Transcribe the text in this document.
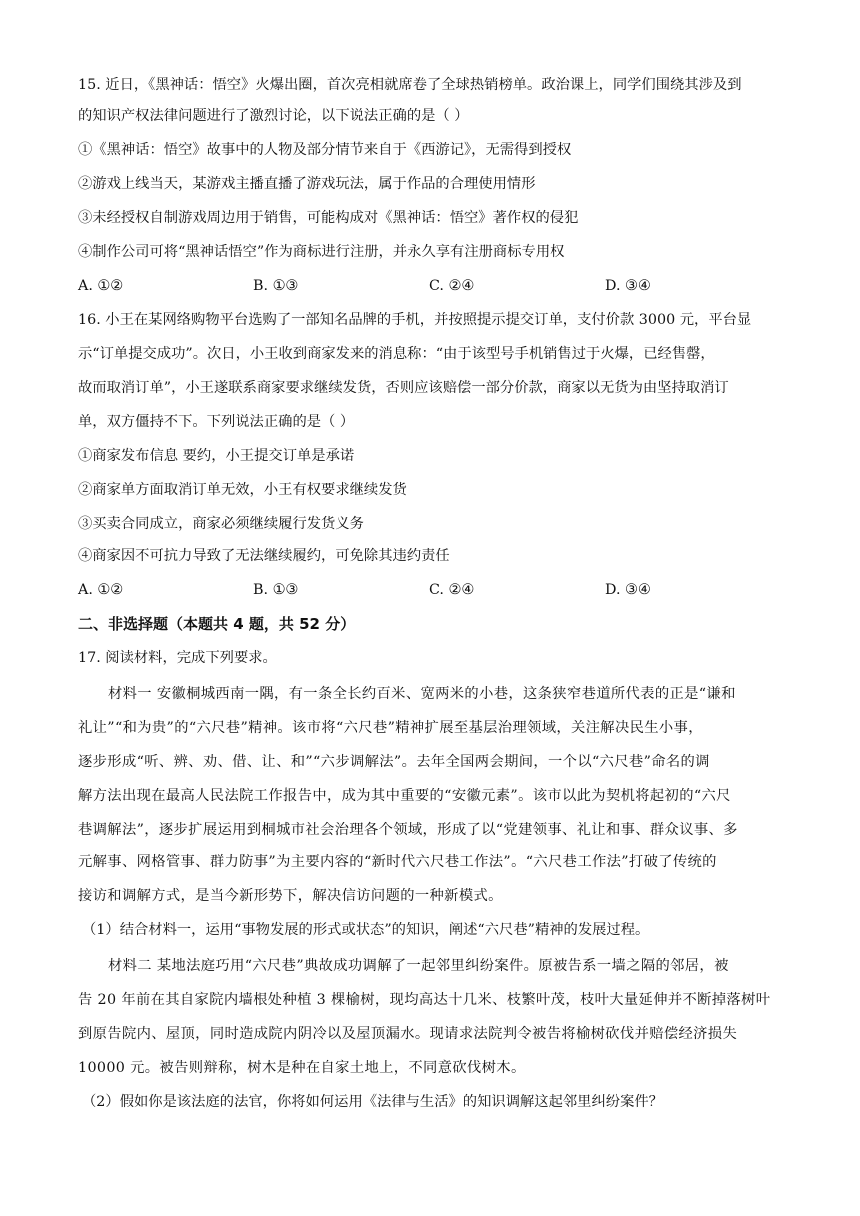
15. 近日，《黑神话：悟空》火爆出圈，首次亮相就席卷了全球热销榜单。政治课上，同学们围绕其涉及到
的知识产权法律问题进行了激烈讨论，以下说法正确的是（ ）
①《黑神话：悟空》故事中的人物及部分情节来自于《西游记》，无需得到授权
②游戏上线当天，某游戏主播直播了游戏玩法，属于作品的合理使用情形
③未经授权自制游戏周边用于销售，可能构成对《黑神话：悟空》著作权的侵犯
④制作公司可将“黑神话悟空”作为商标进行注册，并永久享有注册商标专用权
A. ①②	B. ①③	C. ②④	D. ③④
16. 小王在某网络购物平台选购了一部知名品牌的手机，并按照提示提交订单，支付价款 3000 元，平台显
示“订单提交成功”。次日，小王收到商家发来的消息称：“由于该型号手机销售过于火爆，已经售罄，
故而取消订单”，小王遂联系商家要求继续发货，否则应该赔偿一部分价款，商家以无货为由坚持取消订
单，双方僵持不下。下列说法正确的是（ ）
①商家发布信息 要约，小王提交订单是承诺
②商家单方面取消订单无效，小王有权要求继续发货
③买卖合同成立，商家必须继续履行发货义务
④商家因不可抗力导致了无法继续履约，可免除其违约责任
A. ①②	B. ①③	C. ②④	D. ③④
二、非选择题（本题共 4 题，共 52 分）
17. 阅读材料，完成下列要求。
材料一 安徽桐城西南一隅，有一条全长约百米、宽两米的小巷，这条狭窄巷道所代表的正是“谦和
礼让”“和为贵”的“六尺巷”精神。该市将“六尺巷”精神扩展至基层治理领域，关注解决民生小事，
逐步形成“听、辨、劝、借、让、和”“六步调解法”。去年全国两会期间，一个以“六尺巷”命名的调
解方法出现在最高人民法院工作报告中，成为其中重要的“安徽元素”。该市以此为契机将起初的“六尺
巷调解法”，逐步扩展运用到桐城市社会治理各个领域，形成了以“党建领事、礼让和事、群众议事、多
元解事、网格管事、群力防事”为主要内容的“新时代六尺巷工作法”。“六尺巷工作法”打破了传统的
接访和调解方式，是当今新形势下，解决信访问题的一种新模式。
（1）结合材料一，运用“事物发展的形式或状态”的知识，阐述“六尺巷”精神的发展过程。
材料二 某地法庭巧用“六尺巷”典故成功调解了一起邻里纠纷案件。原被告系一墙之隔的邻居，被
告 20 年前在其自家院内墙根处种植 3 棵榆树，现均高达十几米、枝繁叶茂，枝叶大量延伸并不断掉落树叶
到原告院内、屋顶，同时造成院内阴冷以及屋顶漏水。现请求法院判令被告将榆树砍伐并赔偿经济损失
10000 元。被告则辩称，树木是种在自家土地上，不同意砍伐树木。
（2）假如你是该法庭的法官，你将如何运用《法律与生活》的知识调解这起邻里纠纷案件？
